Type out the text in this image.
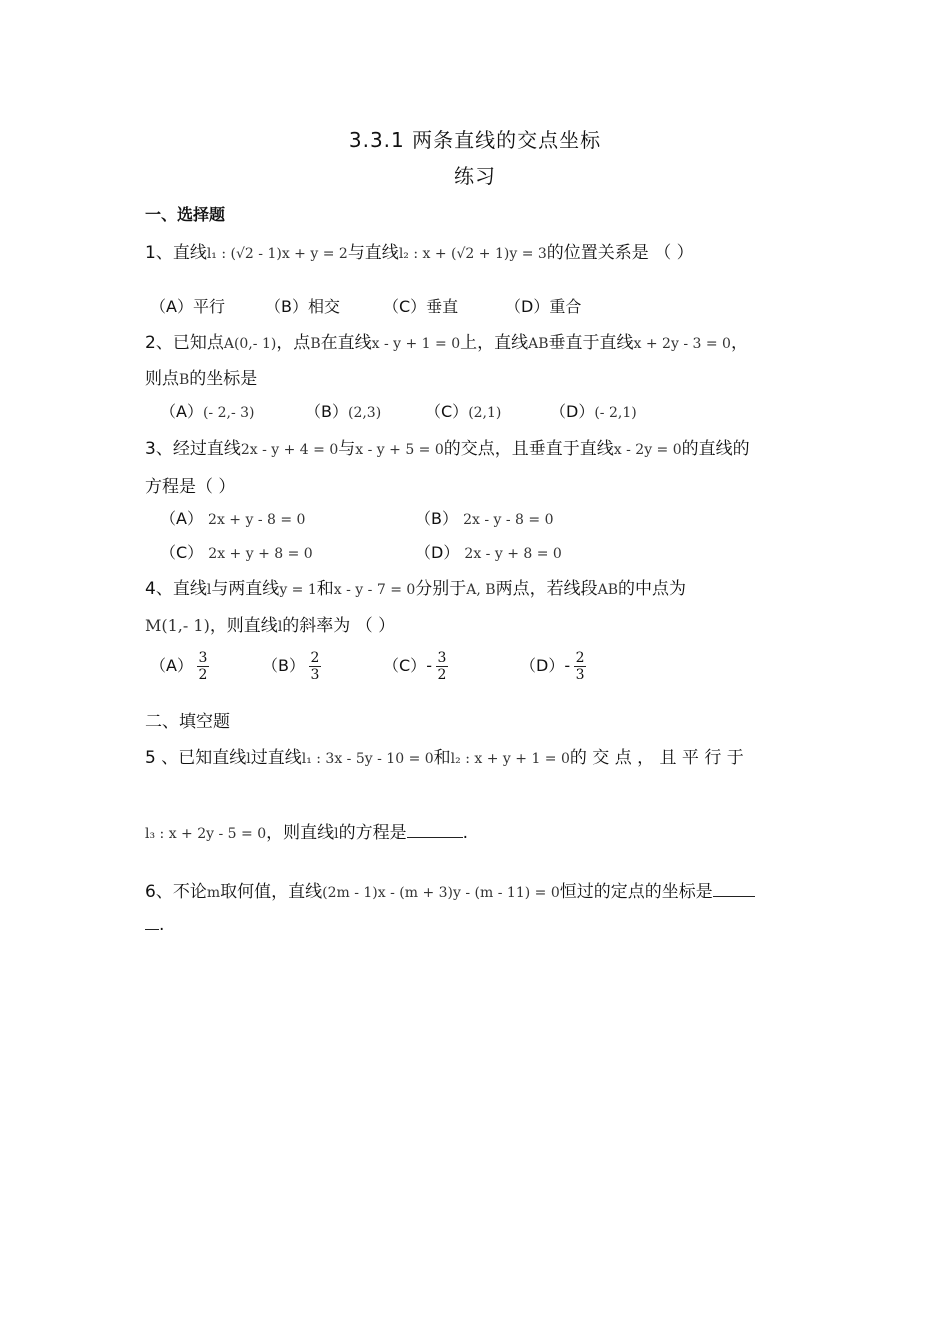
3.3.1 两条直线的交点坐标
练习
一、选择题
1、直线l₁ : (√2 - 1)x + y = 2与直线l₂ : x + (√2 + 1)y = 3的位置关系是 （ ）
（A）平行	（B）相交	（C）垂直	（D）重合
2、已知点A(0,- 1)，点B在直线x - y + 1 = 0上，直线AB垂直于直线x + 2y - 3 = 0，
则点B的坐标是
（A）(- 2,- 3)	（B）(2,3)	（C）(2,1)	（D）(- 2,1)
3、经过直线2x - y + 4 = 0与x - y + 5 = 0的交点，且垂直于直线x - 2y = 0的直线的
方程是（ ）
（A） 2x + y - 8 = 0	（B） 2x - y - 8 = 0
（C） 2x + y + 8 = 0	（D） 2x - y + 8 = 0
4、直线l与两直线y = 1和x - y - 7 = 0分别于A, B两点，若线段AB的中点为
M(1,- 1)，则直线l的斜率为 （ ）
$(A) \frac{3}{2}$	$(B) \frac{2}{3}$	$(C)- \frac{3}{2}$	$(D)- \frac{2}{3}$
二、填空题
5 、已知直线l过直线l₁ : 3x - 5y - 10 = 0和l₂ : x + y + 1 = 0的 交 点 ， 且 平 行 于
l₃ : x + 2y - 5 = 0，则直线l的方程是	.
6、不论m取何值，直线(2m - 1)x - (m + 3)y - (m - 11) = 0恒过的定点的坐标是
.
